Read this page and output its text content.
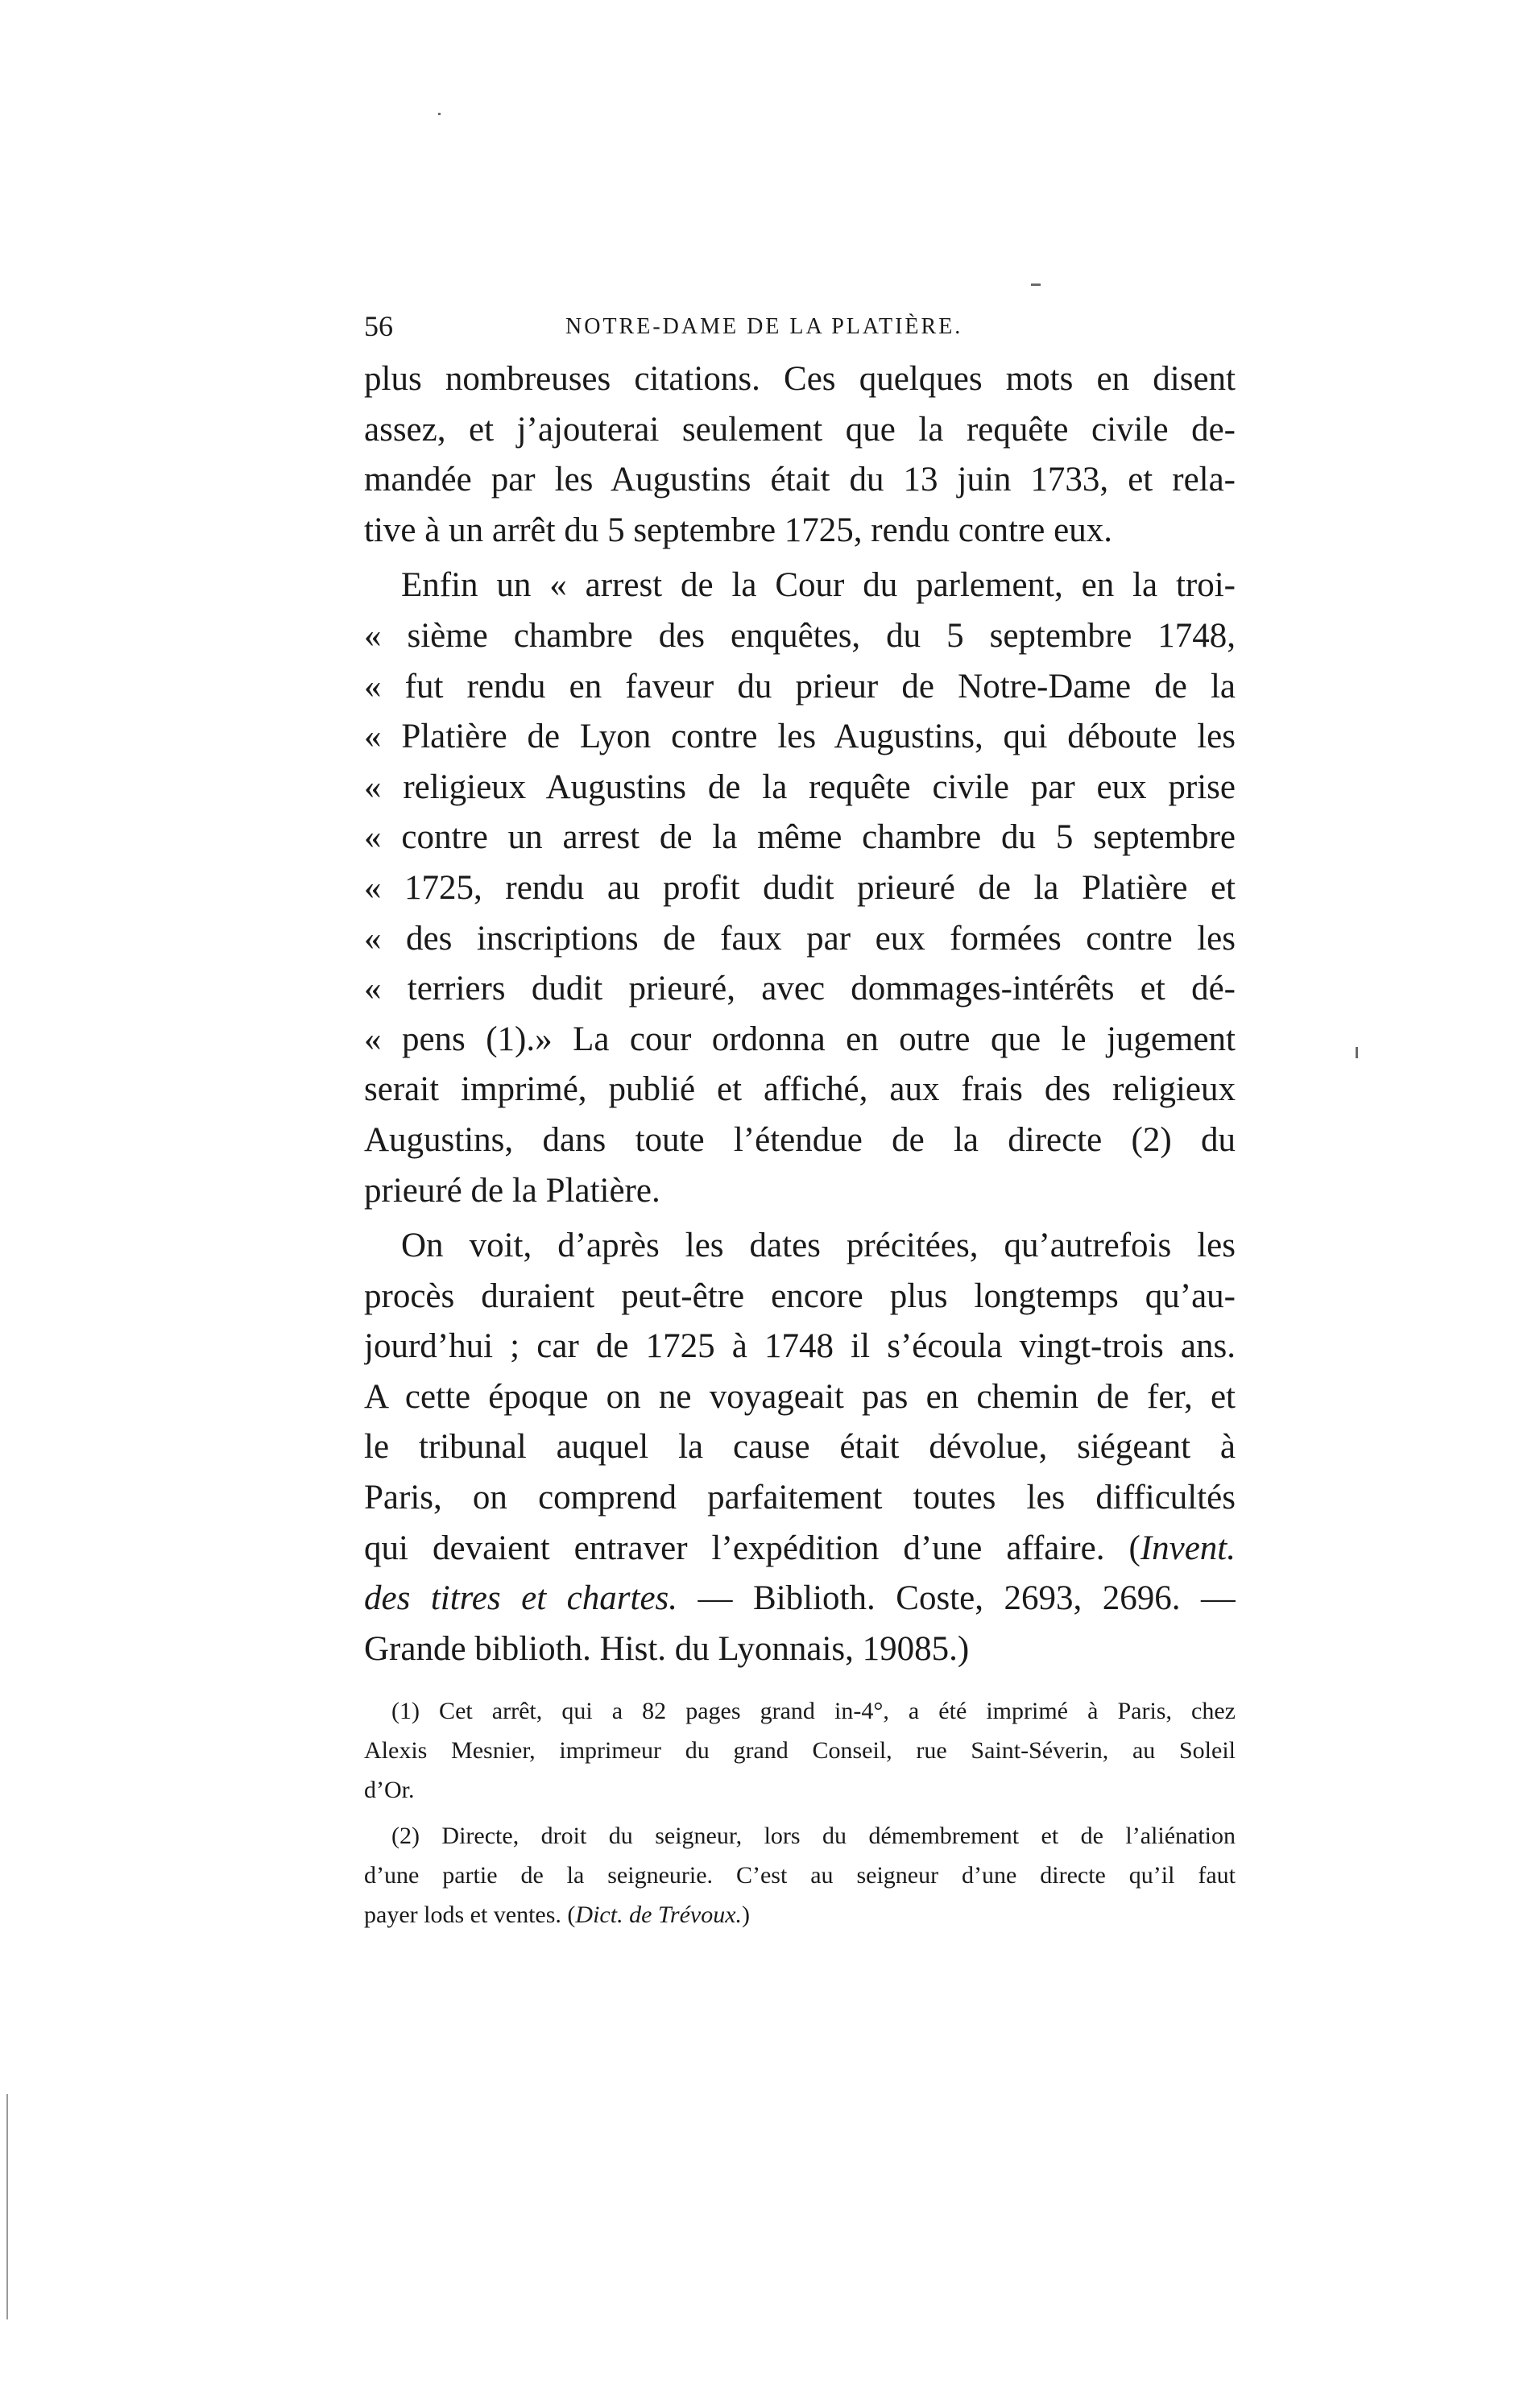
56	NOTRE-DAME DE LA PLATIÈRE.
plus nombreuses citations. Ces quelques mots en disent
assez, et j’ajouterai seulement que la requête civile de-
mandée par les Augustins était du 13 juin 1733, et rela-
tive à un arrêt du 5 septembre 1725, rendu contre eux.
Enfin un « arrest de la Cour du parlement, en la troi-
« sième chambre des enquêtes, du 5 septembre 1748,
« fut rendu en faveur du prieur de Notre-Dame de la
« Platière de Lyon contre les Augustins, qui déboute les
« religieux Augustins de la requête civile par eux prise
« contre un arrest de la même chambre du 5 septembre
« 1725, rendu au profit dudit prieuré de la Platière et
« des inscriptions de faux par eux formées contre les
« terriers dudit prieuré, avec dommages-intérêts et dé-
« pens (1).» La cour ordonna en outre que le jugement
serait imprimé, publié et affiché, aux frais des religieux
Augustins, dans toute l’étendue de la directe (2) du
prieuré de la Platière.
On voit, d’après les dates précitées, qu’autrefois les
procès duraient peut-être encore plus longtemps qu’au-
jourd’hui ; car de 1725 à 1748 il s’écoula vingt-trois ans.
A cette époque on ne voyageait pas en chemin de fer, et
le tribunal auquel la cause était dévolue, siégeant à
Paris, on comprend parfaitement toutes les difficultés
qui devaient entraver l’expédition d’une affaire. (Invent.
des titres et chartes. — Biblioth. Coste, 2693, 2696. —
Grande biblioth. Hist. du Lyonnais, 19085.)
(1) Cet arrêt, qui a 82 pages grand in-4°, a été imprimé à Paris, chez
Alexis Mesnier, imprimeur du grand Conseil, rue Saint-Séverin, au Soleil
d’Or.
(2) Directe, droit du seigneur, lors du démembrement et de l’aliénation
d’une partie de la seigneurie. C’est au seigneur d’une directe qu’il faut
payer lods et ventes. (Dict. de Trévoux.)
